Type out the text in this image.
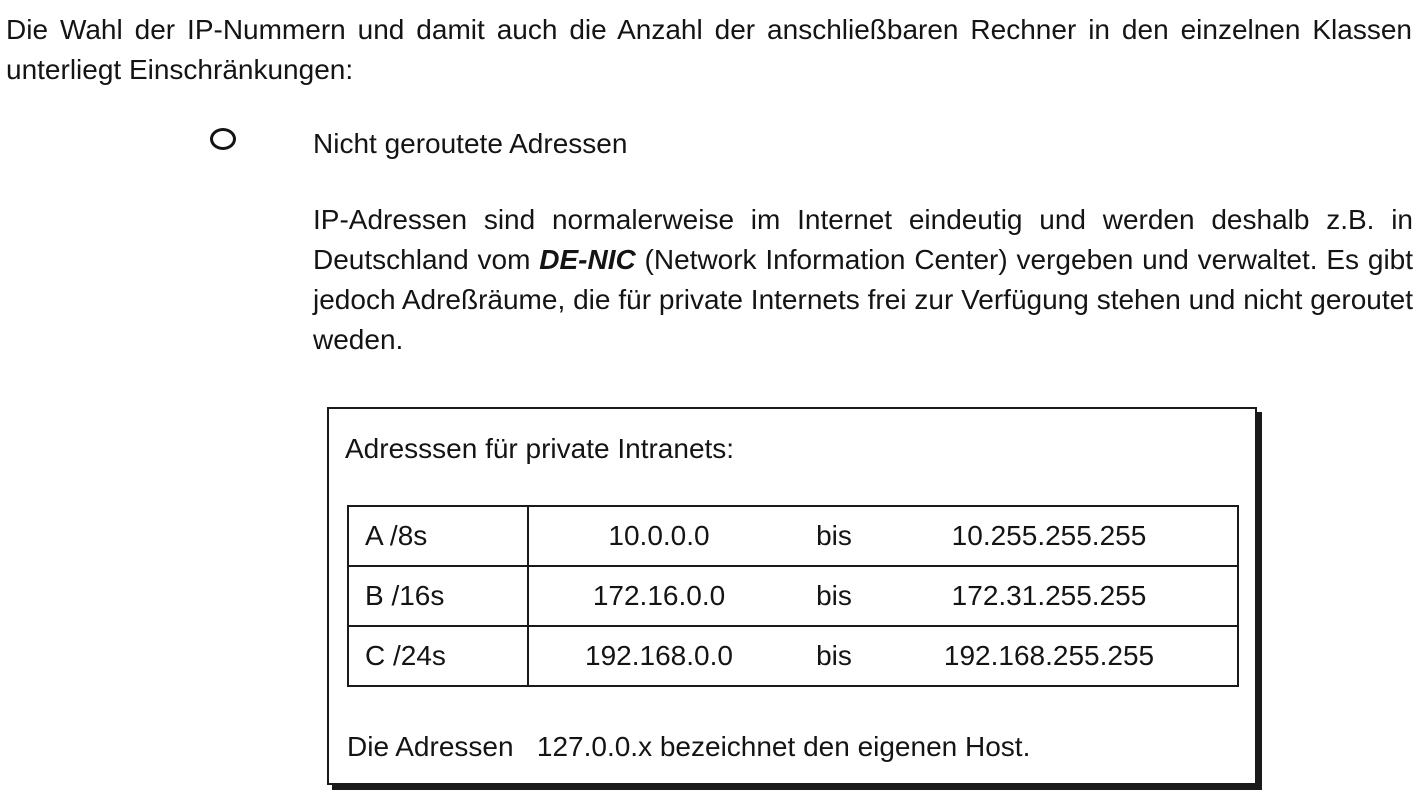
Die Wahl der IP-Nummern und damit auch die Anzahl der anschließbaren Rechner in den einzelnen Klassen unterliegt Einschränkungen:

Nicht geroutete Adressen

IP-Adressen sind normalerweise im Internet eindeutig und werden deshalb z.B. in Deutschland vom DE-NIC (Network Information Center) vergeben und verwaltet. Es gibt jedoch Adreßräume, die für private Internets frei zur Verfügung stehen und nicht geroutet weden.

Adresssen für private Intranets:

A /8s	10.0.0.0	bis	10.255.255.255
B /16s	172.16.0.0	bis	172.31.255.255
C /24s	192.168.0.0	bis	192.168.255.255

Die Adressen   127.0.0.x bezeichnet den eigenen Host.
